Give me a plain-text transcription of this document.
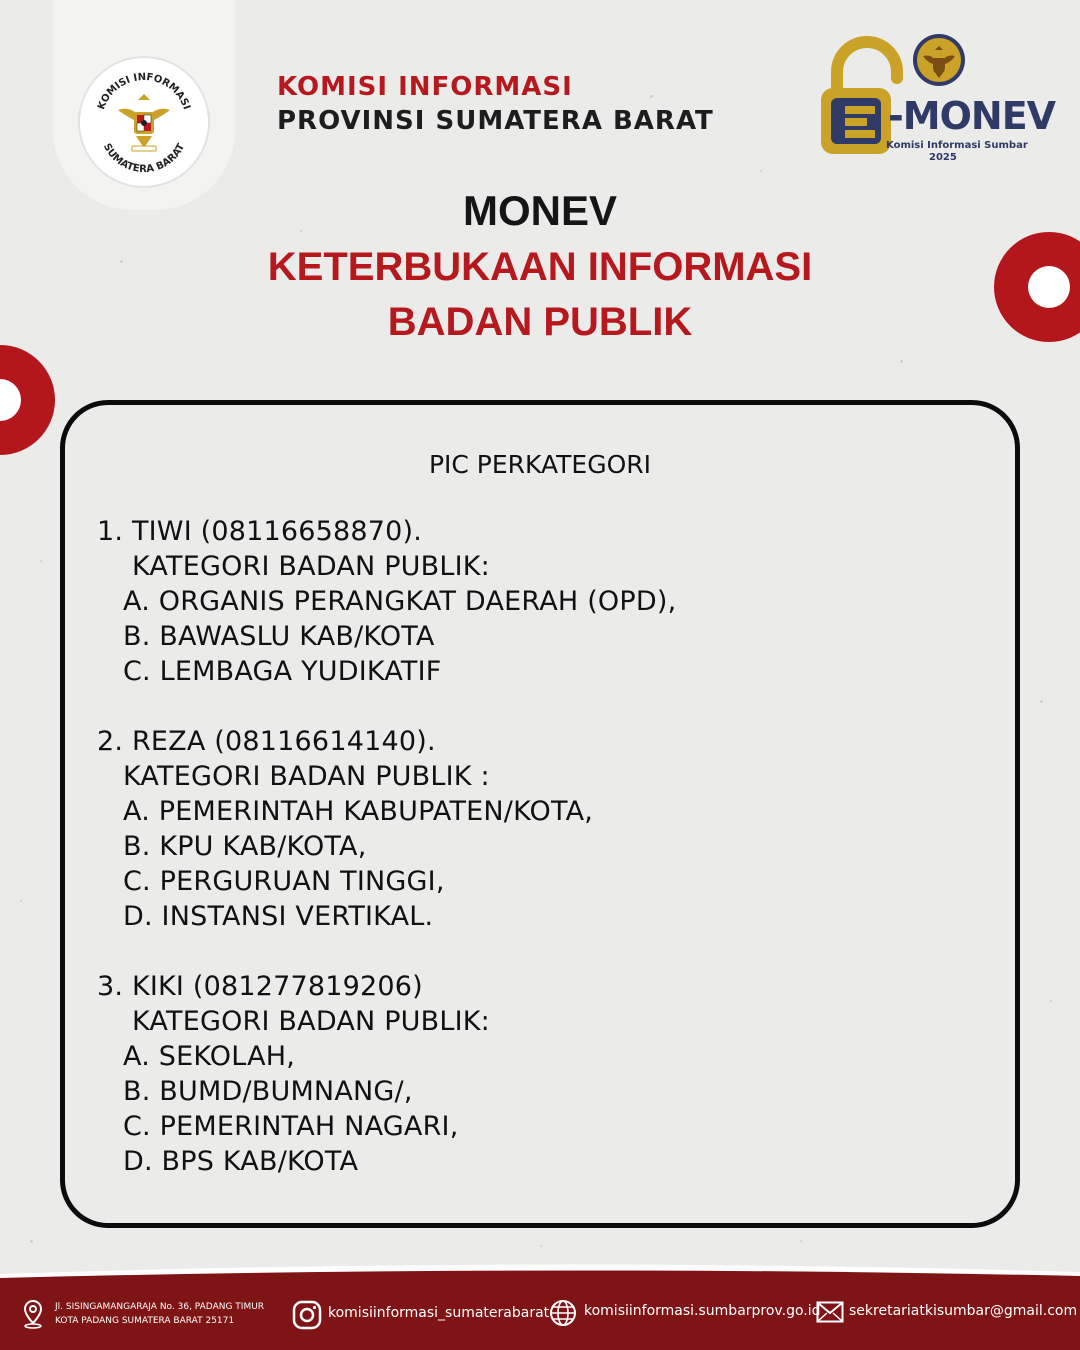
KOMISI INFORMASI
SUMATERA BARAT
KOMISI INFORMASI
PROVINSI SUMATERA BARAT	-MONEV
Komisi Informasi Sumbar
2025
MONEV
KETERBUKAAN INFORMASI
BADAN PUBLIK
PIC PERKATEGORI
1. TIWI (08116658870).
KATEGORI BADAN PUBLIK:
A. ORGANIS PERANGKAT DAERAH (OPD),
B. BAWASLU KAB/KOTA
C. LEMBAGA YUDIKATIF
2. REZA (08116614140).
KATEGORI BADAN PUBLIK :
A. PEMERINTAH KABUPATEN/KOTA,
B. KPU KAB/KOTA,
C. PERGURUAN TINGGI,
D. INSTANSI VERTIKAL.
3. KIKI (081277819206)
KATEGORI BADAN PUBLIK:
A. SEKOLAH,
B. BUMD/BUMNANG/,
C. PEMERINTAH NAGARI,
D. BPS KAB/KOTA
Jl. SISINGAMANGARAJA No. 36, PADANG TIMUR
KOTA PADANG SUMATERA BARAT 25171	komisiinformasi_sumaterabarat komisiinformasi.sumbarprov.go.id sekretariatkisumbar@gmail.com
